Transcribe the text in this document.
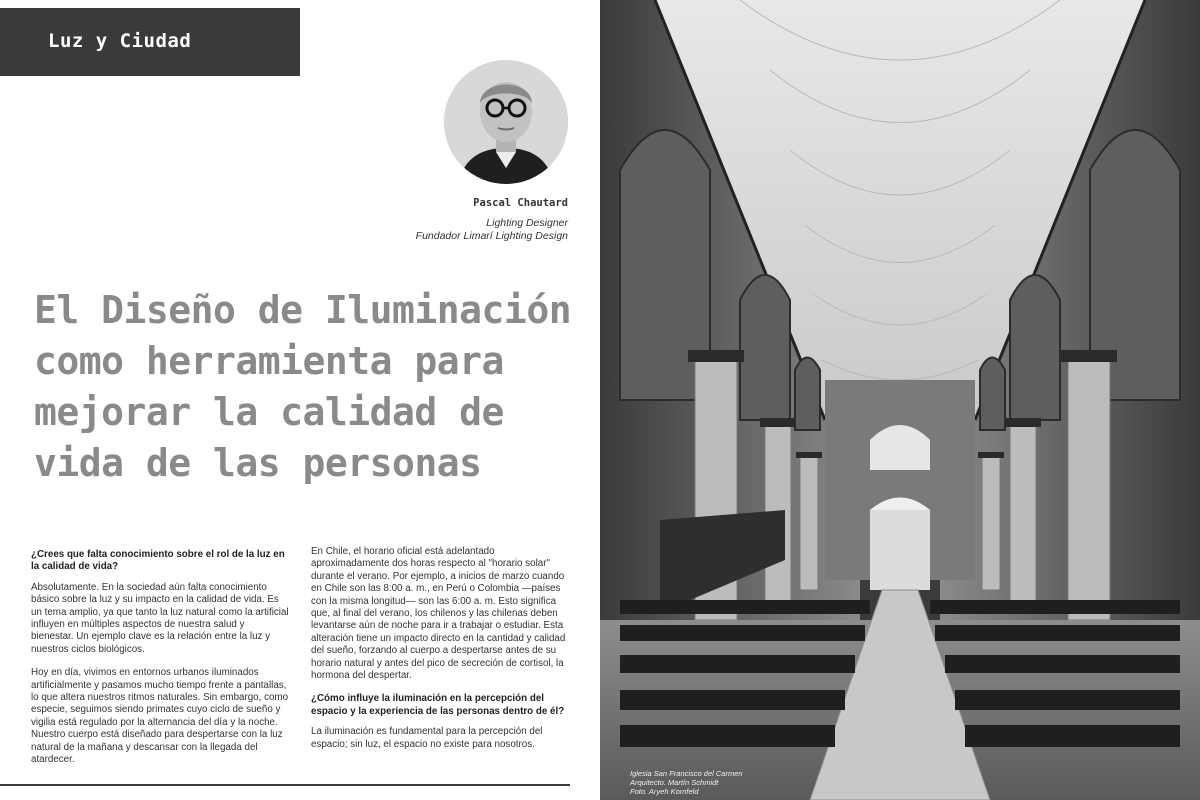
Luz y Ciudad
Pascal Chautard
Lighting Designer
Fundador Limarí Lighting Design
El Diseño de Iluminación como herramienta para mejorar la calidad de vida de las personas

¿Crees que falta conocimiento sobre el rol de la luz en la calidad de vida?

Absolutamente. En la sociedad aún falta conocimiento básico sobre la luz y su impacto en la calidad de vida. Es un tema amplio, ya que tanto la luz natural como la artificial influyen en múltiples aspectos de nuestra salud y bienestar. Un ejemplo clave es la relación entre la luz y nuestros ciclos biológicos.

Hoy en día, vivimos en entornos urbanos iluminados artificialmente y pasamos mucho tiempo frente a pantallas, lo que altera nuestros ritmos naturales. Sin embargo, como especie, seguimos siendo primates cuyo ciclo de sueño y vigilia está regulado por la alternancia del día y la noche. Nuestro cuerpo está diseñado para despertarse con la luz natural de la mañana y descansar con la llegada del atardecer.

En Chile, el horario oficial está adelantado aproximadamente dos horas respecto al "horario solar" durante el verano. Por ejemplo, a inicios de marzo cuando en Chile son las 8:00 a. m., en Perú o Colombia —países con la misma longitud— son las 6:00 a. m. Esto significa que, al final del verano, los chilenos y las chilenas deben levantarse aún de noche para ir a trabajar o estudiar. Esta alteración tiene un impacto directo en la cantidad y calidad del sueño, forzando al cuerpo a despertarse antes de su horario natural y antes del pico de secreción de cortisol, la hormona del despertar.

¿Cómo influye la iluminación en la percepción del espacio y la experiencia de las personas dentro de él?

La iluminación es fundamental para la percepción del espacio; sin luz, el espacio no existe para nosotros.

Iglesia San Francisco del Carmen
Arquitecto. Martín Schmidt
Foto. Aryeh Kornfeld
